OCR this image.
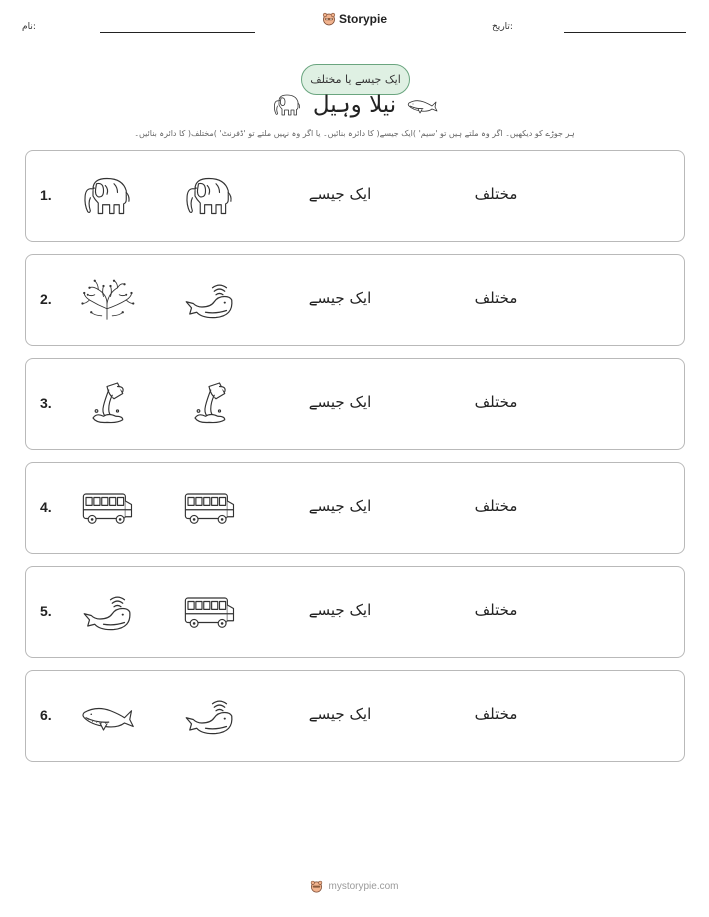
نام:
Storypie
تاریخ:
ایک جیسے یا مختلف
نیلا وہیل
ہر جوڑے کو دیکھیں۔ اگر وہ ملتے ہیں تو 'سیم' )ایک جیسے( کا دائرہ بنائیں۔ یا اگر وہ نہیں ملتے تو 'ڈفرنٹ' )مختلف( کا دائرہ بنائیں۔
1.	ایک جیسے	مختلف
2.	ایک جیسے	مختلف
3.	ایک جیسے	مختلف
4.	ایک جیسے	مختلف
5.	ایک جیسے	مختلف
6.	ایک جیسے	مختلف
mystorypie.com
